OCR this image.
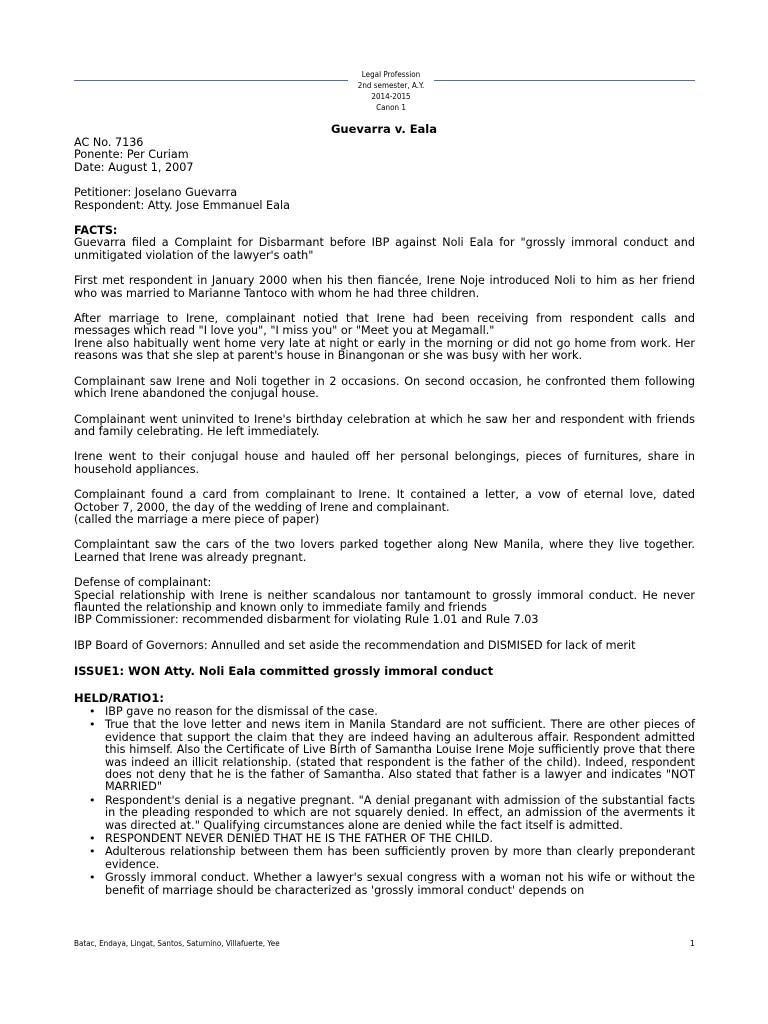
Legal Profession
2nd semester, A.Y. 2014-2015
Canon 1
Guevarra v. Eala
AC No. 7136
Ponente: Per Curiam
Date: August 1, 2007
Petitioner: Joselano Guevarra
Respondent: Atty. Jose Emmanuel Eala
FACTS:
Guevarra filed a Complaint for Disbarmant before IBP against Noli Eala for "grossly immoral conduct and unmitigated violation of the lawyer's oath"
First met respondent in January 2000 when his then fiancée, Irene Noje introduced Noli to him as her friend who was married to Marianne Tantoco with whom he had three children.
After marriage to Irene, complainant notied that Irene had been receiving from respondent calls and messages which read "I love you", "I miss you" or "Meet you at Megamall."
Irene also habitually went home very late at night or early in the morning or did not go home from work. Her reasons was that she slep at parent's house in Binangonan or she was busy with her work.
Complainant saw Irene and Noli together in 2 occasions. On second occasion, he confronted them following which Irene abandoned the conjugal house.
Complainant went uninvited to Irene's birthday celebration at which he saw her and respondent with friends and family celebrating. He left immediately.
Irene went to their conjugal house and hauled off her personal belongings, pieces of furnitures, share in household appliances.
Complainant found a card from complainant to Irene. It contained a letter, a vow of eternal love, dated October 7, 2000, the day of the wedding of Irene and complainant.
(called the marriage a mere piece of paper)
Complaintant saw the cars of the two lovers parked together along New Manila, where they live together. Learned that Irene was already pregnant.
Defense of complainant:
Special relationship with Irene is neither scandalous nor tantamount to grossly immoral conduct. He never flaunted the relationship and known only to immediate family and friends
IBP Commissioner: recommended disbarment for violating Rule 1.01 and Rule 7.03
IBP Board of Governors: Annulled and set aside the recommendation and DISMISED for lack of merit
ISSUE1: WON Atty. Noli Eala committed grossly immoral conduct
HELD/RATIO1:
• IBP gave no reason for the dismissal of the case.
• True that the love letter and news item in Manila Standard are not sufficient. There are other pieces of evidence that support the claim that they are indeed having an adulterous affair. Respondent admitted this himself. Also the Certificate of Live Birth of Samantha Louise Irene Moje sufficiently prove that there was indeed an illicit relationship. (stated that respondent is the father of the child). Indeed, respondent does not deny that he is the father of Samantha. Also stated that father is a lawyer and indicates "NOT MARRIED"
• Respondent's denial is a negative pregnant. "A denial preganant with admission of the substantial facts in the pleading responded to which are not squarely denied. In effect, an admission of the averments it was directed at." Qualifying circumstances alone are denied while the fact itself is admitted.
• RESPONDENT NEVER DENIED THAT HE IS THE FATHER OF THE CHILD.
• Adulterous relationship between them has been sufficiently proven by more than clearly preponderant evidence.
• Grossly immoral conduct. Whether a lawyer's sexual congress with a woman not his wife or without the benefit of marriage should be characterized as 'grossly immoral conduct' depends on
Batac, Endaya, Lingat, Santos, Saturnino, Villafuerte, Yee	1
